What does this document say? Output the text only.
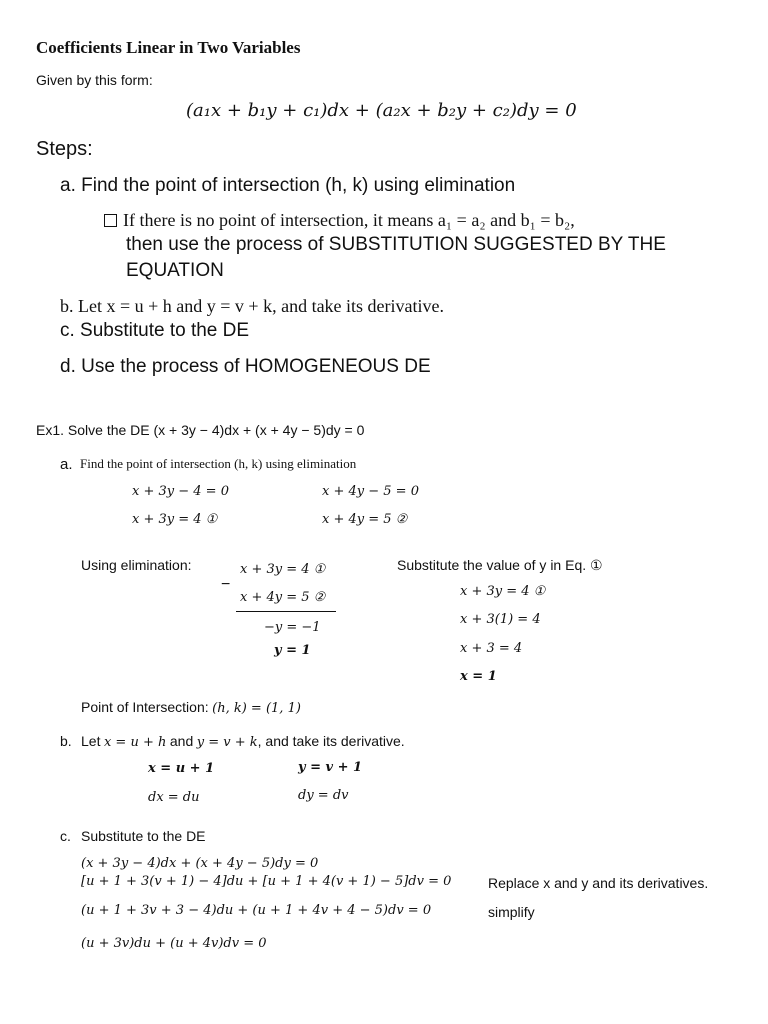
Coefficients Linear in Two Variables
Given by this form:
(a₁x + b₁y + c₁)dx + (a₂x + b₂y + c₂)dy = 0
Steps:
a. Find the point of intersection (h, k) using elimination
If there is no point of intersection, it means a₁ = a₂ and b₁ = b₂,
then use the process of SUBSTITUTION SUGGESTED BY THE
EQUATION
b. Let x = u + h and y = v + k, and take its derivative.
c. Substitute to the DE
d. Use the process of HOMOGENEOUS DE
Ex1. Solve the DE (x + 3y − 4)dx + (x + 4y − 5)dy = 0
a. Find the point of intersection (h, k) using elimination
x + 3y − 4 = 0	x + 4y − 5 = 0
x + 3y = 4 ①	x + 4y = 5 ②
Using elimination:
−
x + 3y = 4 ①
x + 4y = 5 ②
−y = −1
y = 1
Substitute the value of y in Eq. ①
x + 3y = 4 ①
x + 3(1) = 4
x + 3 = 4
x = 1
Point of Intersection: (h, k) = (1, 1)
b. Let x = u + h and y = v + k, and take its derivative.
x = u + 1	y = v + 1
dx = du	dy = dv
c. Substitute to the DE
(x + 3y − 4)dx + (x + 4y − 5)dy = 0
[u + 1 + 3(v + 1) − 4]du + [u + 1 + 4(v + 1) − 5]dv = 0
(u + 1 + 3v + 3 − 4)du + (u + 1 + 4v + 4 − 5)dv = 0
(u + 3v)du + (u + 4v)dv = 0
Replace x and y and its derivatives.
simplify
